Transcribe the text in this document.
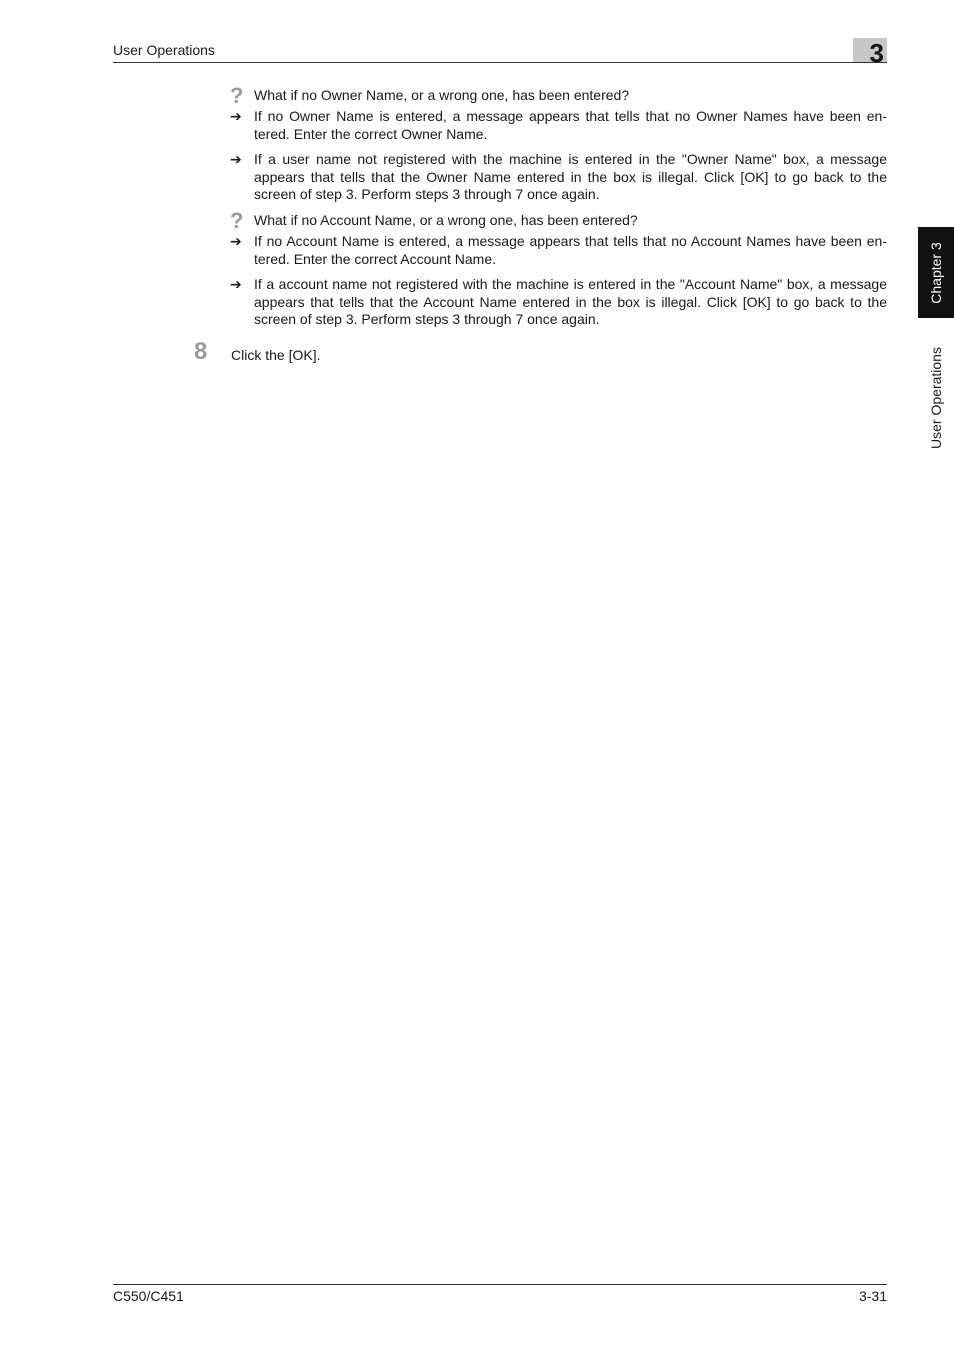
User Operations	3
Chapter 3
User Operations
? What if no Owner Name, or a wrong one, has been entered?
➔ If no Owner Name is entered, a message appears that tells that no Owner Names have been en-tered. Enter the correct Owner Name.
➔ If a user name not registered with the machine is entered in the "Owner Name" box, a message appears that tells that the Owner Name entered in the box is illegal. Click [OK] to go back to the screen of step 3. Perform steps 3 through 7 once again.
? What if no Account Name, or a wrong one, has been entered?
➔ If no Account Name is entered, a message appears that tells that no Account Names have been en-tered. Enter the correct Account Name.
➔ If a account name not registered with the machine is entered in the "Account Name" box, a message appears that tells that the Account Name entered in the box is illegal. Click [OK] to go back to the screen of step 3. Perform steps 3 through 7 once again.
8 Click the [OK].
C550/C451	3-31
